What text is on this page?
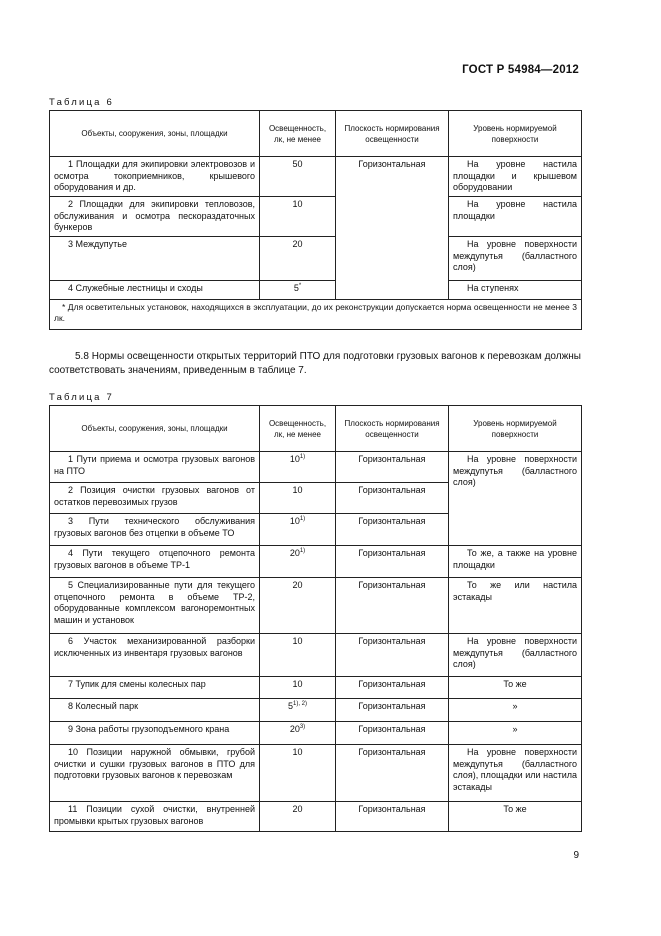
ГОСТ Р 54984—2012
Таблица 6
Объекты, сооружения, зоны, площадки	Освещенность, лк, не менее	Плоскость нормирования освещенности	Уровень нормируемой поверхности
1 Площадки для экипировки электровозов и осмотра токоприемников, крышевого оборудования и др.	50	Горизонтальная	На уровне настила площадки и крышевом оборудовании
2 Площадки для экипировки тепловозов, обслуживания и осмотра пескораздаточных бункеров	10		На уровне настила площадки
3 Междупутье	20		На уровне поверхности междупутья (балластного слоя)
4 Служебные лестницы и сходы	5*		На ступенях
* Для осветительных установок, находящихся в эксплуатации, до их реконструкции допускается норма освещенности не менее 3 лк.			
5.8 Нормы освещенности открытых территорий ПТО для подготовки грузовых вагонов к перевозкам должны соответствовать значениям, приведенным в таблице 7.
Таблица 7
Объекты, сооружения, зоны, площадки	Освещенность, лк, не менее	Плоскость нормирования освещенности	Уровень нормируемой поверхности
1 Пути приема и осмотра грузовых вагонов на ПТО	10$^{1)}$	Горизонтальная	На уровне поверхности междупутья (балластного слоя)
2 Позиция очистки грузовых вагонов от остатков перевозимых грузов	10	Горизонтальная	
3 Пути технического обслуживания грузовых вагонов без отцепки в объеме ТО	10$^{1)}$	Горизонтальная	
4 Пути текущего отцепочного ремонта грузовых вагонов в объеме ТР-1	20$^{1)}$	Горизонтальная	То же, а также на уровне площадки
5 Специализированные пути для текущего отцепочного ремонта в объеме ТР-2, оборудованные комплексом вагоноремонтных машин и установок	20	Горизонтальная	То же или настила эстакады
6 Участок механизированной разборки исключенных из инвентаря грузовых вагонов	10	Горизонтальная	На уровне поверхности междупутья (балластного слоя)
7 Тупик для смены колесных пар	10	Горизонтальная	То же
8 Колесный парк	$5^{1), 2)}$	Горизонтальная	»
9 Зона работы грузоподъемного крана	20$^{3)}$	Горизонтальная	»
10 Позиции наружной обмывки, грубой очистки и сушки грузовых вагонов в ПТО для подготовки грузовых вагонов к перевозкам	10	Горизонтальная	На уровне поверхности междупутья (балластного слоя), площадки или настила эстакады
11 Позиции сухой очистки, внутренней промывки крытых грузовых вагонов	20	Горизонтальная	То же
9
